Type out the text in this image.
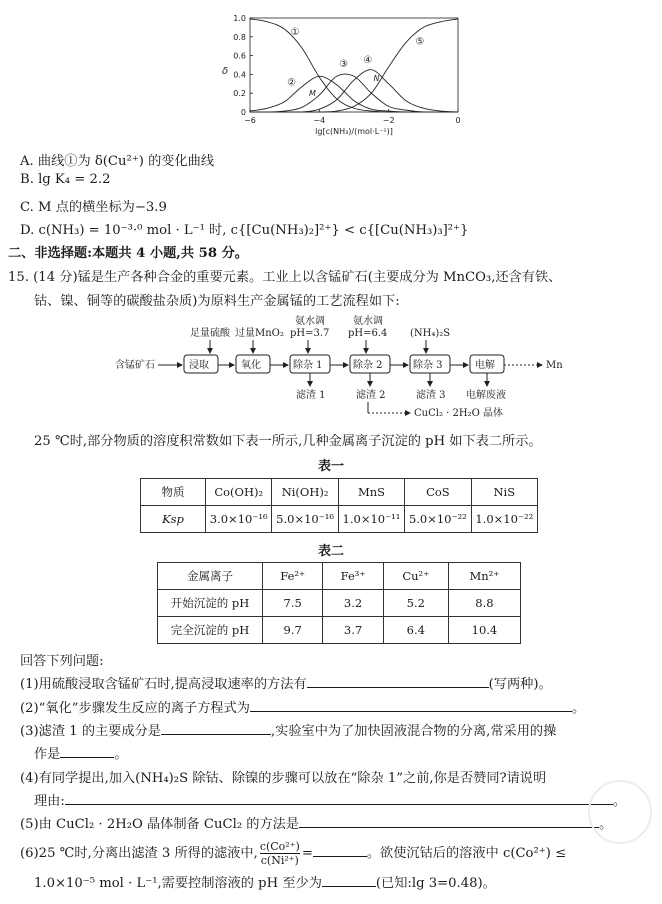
1.0
0.8
0.6
0.4
0.2
0
−6	−4	−2	0
δ
lg[c(NH₃)/(mol·L⁻¹)]
①
②
③ ④
⑤
M
N
A. 曲线①为 δ(Cu²⁺) 的变化曲线
B. lg K₄ = 2.2
C. M 点的横坐标为−3.9
D. c(NH₃) = 10⁻³·⁰ mol · L⁻¹ 时, c{[Cu(NH₃)₂]²⁺} < c{[Cu(NH₃)₃]²⁺}
二、非选择题:本题共 4 小题,共 58 分。
15. (14 分)锰是生产各种合金的重要元素。工业上以含锰矿石(主要成分为 MnCO₃,还含有铁、
钴、镍、铜等的碳酸盐杂质)为原料生产金属锰的工艺流程如下:
足量硫酸 过量MnO₂
氨水调
pH=3.7
氨水调
pH=6.4 (NH₄)₂S
含锰矿石	浸取	氧化	除杂 1	除杂 2	除杂 3	电解	Mn
滤渣 1	滤渣 2	滤渣 3 电解废液
CuCl₂ · 2H₂O 晶体
25 ℃时,部分物质的溶度积常数如下表一所示,几种金属离子沉淀的 pH 如下表二所示。
表一
物质	Co(OH)₂	Ni(OH)₂	MnS	CoS	NiS
Ksp	3.0×10⁻¹⁶	5.0×10⁻¹⁶	1.0×10⁻¹¹	5.0×10⁻²²	1.0×10⁻²²
表二
金属离子	Fe²⁺	Fe³⁺	Cu²⁺	Mn²⁺
开始沉淀的 pH	7.5	3.2	5.2	8.8
完全沉淀的 pH	9.7	3.7	6.4	10.4
回答下列问题:
(1)用硫酸浸取含锰矿石时,提高浸取速率的方法有	(写两种)。
(2)“氧化”步骤发生反应的离子方程式为	。
(3)滤渣 1 的主要成分是	,实验室中为了加快固液混合物的分离,常采用的操
作是	。
(4)有同学提出,加入(NH₄)₂S 除钴、除镍的步骤可以放在“除杂 1”之前,你是否赞同?请说明
理由:	。
(5)由 CuCl₂ · 2H₂O 晶体制备 CuCl₂ 的方法是	。
(6)25 ℃时,分离出滤渣 3 所得的滤液中, $\frac{\text{c(Co²⁺)}}{\text{c(Ni²⁺)}}$ =	。欲使沉钴后的溶液中 c(Co²⁺) ≤
1.0×10⁻⁵ mol · L⁻¹,需要控制溶液的 pH 至少为	(已知:lg 3=0.48)。
